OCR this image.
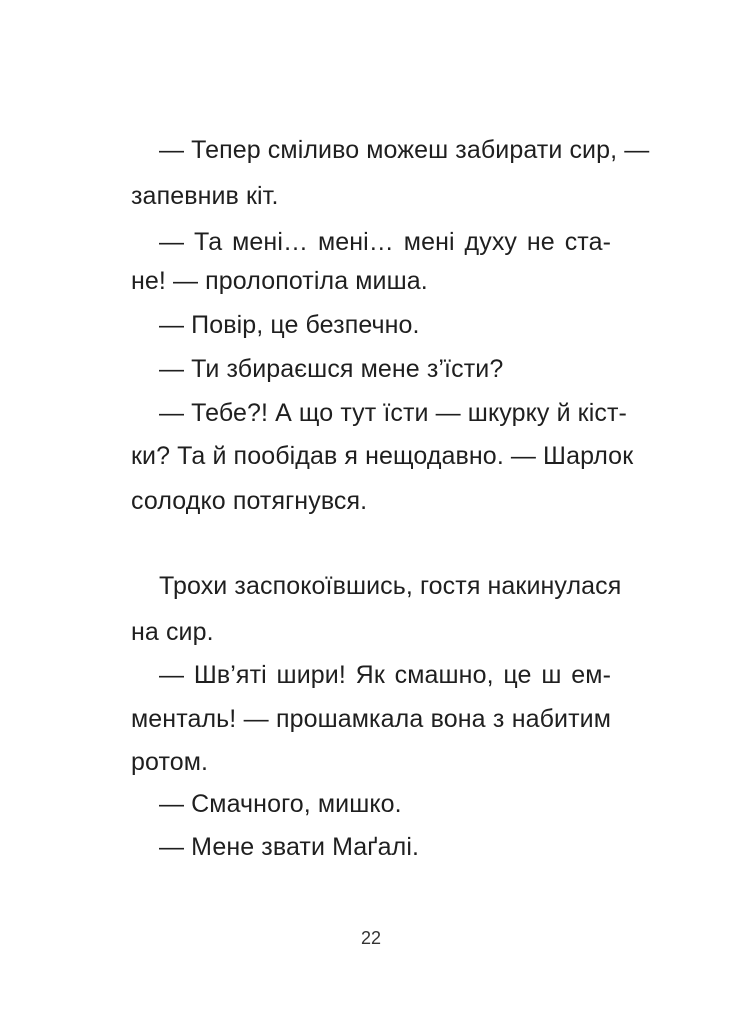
— Тепер сміливо можеш забирати сир, —
запевнив кіт.
— Та мені… мені… мені духу не ста-
не! — пролопотіла миша.
— Повір, це безпечно.
— Ти збираєшся мене з’їсти?
— Тебе?! А що тут їсти — шкурку й кіст-
ки? Та й пообідав я нещодавно. — Шарлок
солодко потягнувся.
Трохи заспокоївшись, гостя накинулася
на сир.
— Шв’яті шири! Як смашно, це ш ем-
менталь! — прошамкала вона з набитим
ротом.
— Смачного, мишко.
— Мене звати Маґалі.
22
